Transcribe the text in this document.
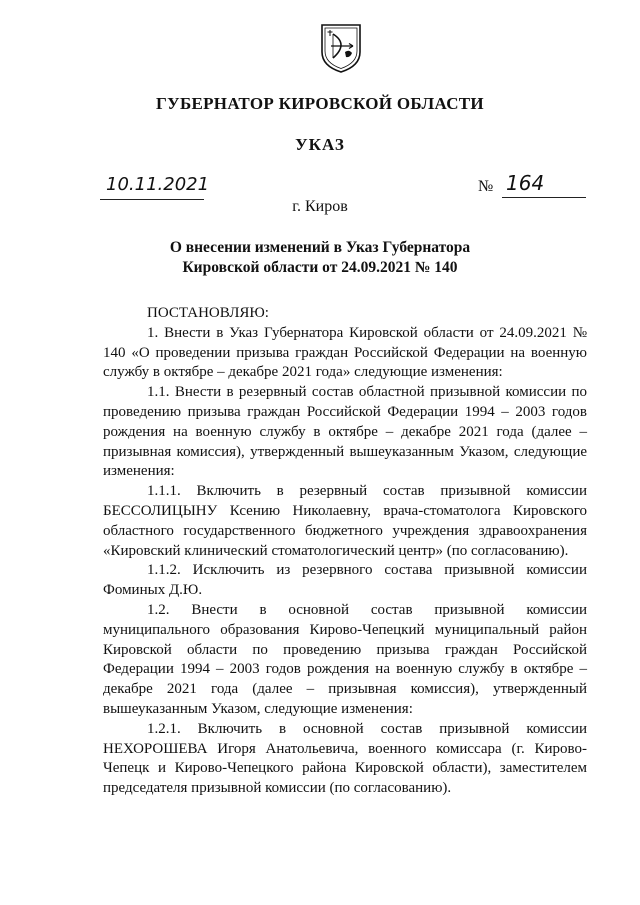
ГУБЕРНАТОР КИРОВСКОЙ ОБЛАСТИ
УКАЗ
10.11.2021	№ 164
г. Киров
О внесении изменений в Указ Губернатора
Кировской области от 24.09.2021 № 140

ПОСТАНОВЛЯЮ:

1. Внести в Указ Губернатора Кировской области от 24.09.2021 № 140 «О проведении призыва граждан Российской Федерации на военную службу в октябре – декабре 2021 года» следующие изменения:

1.1. Внести в резервный состав областной призывной комиссии по проведению призыва граждан Российской Федерации 1994 – 2003 годов рождения на военную службу в октябре – декабре 2021 года (далее – призывная комиссия), утвержденный вышеуказанным Указом, следующие изменения:

1.1.1. Включить в резервный состав призывной комиссии БЕССОЛИЦЫНУ Ксению Николаевну, врача-стоматолога Кировского областного государственного бюджетного учреждения здравоохранения «Кировский клинический стоматологический центр» (по согласованию).

1.1.2. Исключить из резервного состава призывной комиссии Фоминых Д.Ю.

1.2. Внести в основной состав призывной комиссии муниципального образования Кирово-Чепецкий муниципальный район Кировской области по проведению призыва граждан Российской Федерации 1994 – 2003 годов рождения на военную службу в октябре – декабре 2021 года (далее – призывная комиссия), утвержденный вышеуказанным Указом, следующие изменения:

1.2.1. Включить в основной состав призывной комиссии НЕХОРОШЕВА Игоря Анатольевича, военного комиссара (г. Кирово-Чепецк и Кирово-Чепецкого района Кировской области), заместителем председателя призывной комиссии (по согласованию).
